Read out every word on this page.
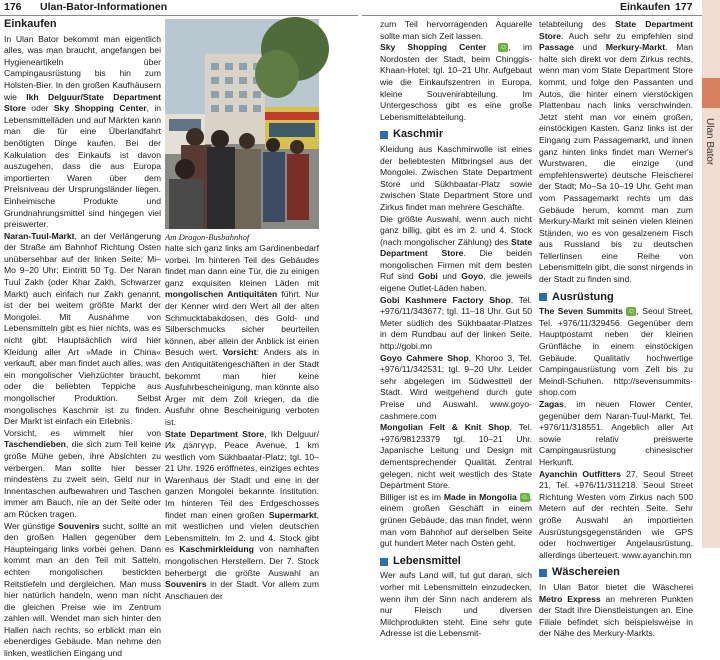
176 Ulan-Bator-Informationen
Einkaufen

In Ulan Bator bekommt man eigentlich alles, was man braucht, angefangen bei Hygieneartikeln über Campingausrüstung bis hin zum Holsten-Bier. In den großen Kaufhäusern wie Ikh Delguur/State Department Store oder Sky Shopping Center, in Lebensmittelläden und auf Märkten kann man die für eine Überlandfahrt benötigten Dinge kaufen. Bei der Kalkulation des Einkaufs ist davon auszugehen, dass die aus Europa importierten Waren über dem Preisniveau der Ursprungsländer liegen. Einheimische Produkte und Grundnahrungsmittel sind hingegen viel preiswerter.

Naran-Tuul-Markt, an der Verlängerung der Straße am Bahnhof Richtung Osten unübersehbar auf der linken Seite; Mi–Mo 9–20 Uhr; Eintritt 50 Tg. Der Naran Tuul Zakh (oder Khar Zakh, Schwarzer Markt) auch einfach nur Zakh genannt, ist der bei weitem größte Markt der Mongolei. Mit Ausnahme von Lebensmitteln gibt es hier nichts, was es nicht gibt. Hauptsächlich wird hier Kleidung aller Art »Made in China« verkauft, aber man findet auch alles, was ein mongolischer Viehzüchter braucht, oder die beliebten Teppiche aus mongolischer Produktion. Selbst mongolisches Kaschmir ist zu finden. Der Markt ist einfach ein Erlebnis.

Vorsicht, es wimmelt hier von Taschendieben, die sich zum Teil keine große Mühe geben, ihre Absichten zu verbergen. Man sollte hier besser mindestens zu zweit sein, Geld nur in Innentaschen aufbewahren und Taschen immer am Bauch, nie an der Seite oder am Rücken tragen.

Wer günstige Souvenirs sucht, sollte an den großen Hallen gegenüber dem Haupteingang links vorbei gehen. Dann kommt man an den Teil mit Satteln, echten mongolischen bestickten Reitstiefeln und dergleichen. Man muss hier natürlich handeln, wenn man nicht die gleichen Preise wie im Zentrum zahlen will. Wendet man sich hinter den Hallen nach rechts, so erblickt man ein ebenerdiges Gebäude. Man nehme den linken, westlichen Eingang und

Am Dragon-Busbahnhof

halte sich ganz links am Gardinenbedarf vorbei. Im hinteren Teil des Gebäudes findet man dann eine Tür, die zu einigen ganz exquisiten kleinen Läden mit mongolischen Antiquitäten führt. Nur der Kenner wird den Wert all der alten Schmucktabakdosen, des Gold- und Silberschmucks sicher beurteilen können, aber allein der Anblick ist einen Besuch wert. Vorsicht: Anders als in den Antiquitätengeschäften in der Stadt bekommt man hier keine Ausfuhrbescheinigung, man könnte also Ärger mit dem Zoll kriegen, da die Ausfuhr ohne Bescheinigung verboten ist.

State Department Store, Ikh Delguur/Их дэлгүүр, Peace Avenue, 1 km westlich vom Sükhbaatar-Platz; tgl. 10–21 Uhr. 1926 eröffnetes, einziges echtes Warenhaus der Stadt und eine in der ganzen Mongolei bekannte Institution. Im hinteren Teil des Erdgeschosses findet man einen großen Supermarkt, mit westlichen und vielen deutschen Lebensmitteln. Im 2. und 4. Stock gibt es Kaschmirkleidung von namhaften mongolischen Herstellern. Der 7. Stock beherbergt die größte Auswahl an Souvenirs in der Stadt. Vor allem zum Anschauen der

Einkaufen 177

zum Teil hervorragenden Aquarelle sollte man sich Zeit lassen.

Sky Shopping Center ☺, im Nordosten der Stadt, beim Chinggis-Khaan-Hotel; tgl. 10–21 Uhr. Aufgebaut wie die Einkaufszentren in Europa, kleine Souvenirabteilung. Im Untergeschoss gibt es eine große Lebensmittelabteilung.

Kaschmir

Kleidung aus Kaschmirwolle ist eines der beliebtesten Mitbringsel aus der Mongolei. Zwischen State Department Store und Sükhbaatar-Platz sowie zwischen State Department Store und Zirkus findet man mehrere Geschäfte.

Die größte Auswahl, wenn auch nicht ganz billig, gibt es im 2. und 4. Stock (nach mongolischer Zählung) des State Department Store. Die beiden mongolischen Firmen mit dem besten Ruf sind Gobi und Goyo, die jeweils eigene Outlet-Läden haben.

Gobi Kashmere Factory Shop, Tel. +976/11/343677; tgl. 11–18 Uhr. Gut 50 Meter südlich des Sükhbaatar-Platzes in dem Rundbau auf der linken Seite. http://gobi.mn

Goyo Cahmere Shop, Khoroo 3, Tel. +976/11/342531; tgl. 9–20 Uhr. Leider sehr abgelegen im Südwestteil der Stadt. Wird weitgehend durch gute Preise und Auswahl. www.goyo-cashmere.com

Mongolian Felt & Knit Shop, Tel. +976/98123379 tgl. 10–21 Uhr. Japanische Leitung und Design mit dementsprechender Qualität. Zentral gelegen, nicht weit westlich des State Department Store.

Billiger ist es im Made in Mongolia ☺, einem großen Geschäft in einem grünen Gebäude, das man findet, wenn man vom Bahnhof auf derselben Seite gut hundert Meter nach Osten geht.

Lebensmittel

Wer aufs Land will, tut gut daran, sich vorher mit Lebensmitteln einzudecken, wenn ihm der Sinn nach anderem als nur Fleisch und diversen Milchprodukten steht. Eine sehr gute Adresse ist die Lebensmit-

telabteilung des State Department Store. Auch sehr zu empfehlen sind Passage und Merkury-Markt. Man halte sich direkt vor dem Zirkus rechts, wenn man vom State Department Store kommt, und folge den Passanten und Autos, die hinter einem vierstöckigen Plattenbau nach links verschwinden. Jetzt steht man vor einem großen, einstöckigen Kasten. Ganz links ist der Eingang zum Passagemarkt, und innen ganz hinten links findet man Werner's Wurstwaren, die einzige (und empfehlenswerte) deutsche Fleischerei der Stadt; Mo–Sa 10–19 Uhr. Geht man vom Passagemarkt rechts um das Gebäude herum, kommt man zum Merkury-Markt mit seinen vielen kleinen Ständen, wo es von gesalzenem Fisch aus Russland bis zu deutschen Tellerlinsen eine Reihe von Lebensmitteln gibt, die sonst nirgends in der Stadt zu finden sind.

Ausrüstung

The Seven Summits ☺, Seoul Street, Tel. +976/11/329456. Gegenüber dem Hauptpostamt neben der kleinen Grünfläche in einem einstöckigen Gebäude. Qualitativ hochwertige Campingausrüstung vom Zelt bis zu Meindl-Schuhen. http://sevensummits-shop.com

Zagas, im neuen Flower Center, gegenüber dem Naran-Tuul-Markt, Tel. +976/11/318551. Angeblich aller Art sowie relativ preiswerte Campingausrüstung chinesischer Herkunft.

Ayanchin Outfitters 27, Seoul Street 21, Tel. +976/11/311218. Seoul Street Richtung Westen vom Zirkus nach 500 Metern auf der rechten Seite. Sehr große Auswahl an importierten Ausrüstungsgegenständen wie GPS oder hochwertiger Angelausrüstung, allerdings überteuert. www.ayanchin.mn

Wäschereien

In Ulan Bator bietet die Wäscherei Metro Express an mehreren Punkten der Stadt ihre Dienstleistungen an. Eine Filiale befindet sich beispielsweise in der Nähe des Merkury-Markts.

Ulan Bator
